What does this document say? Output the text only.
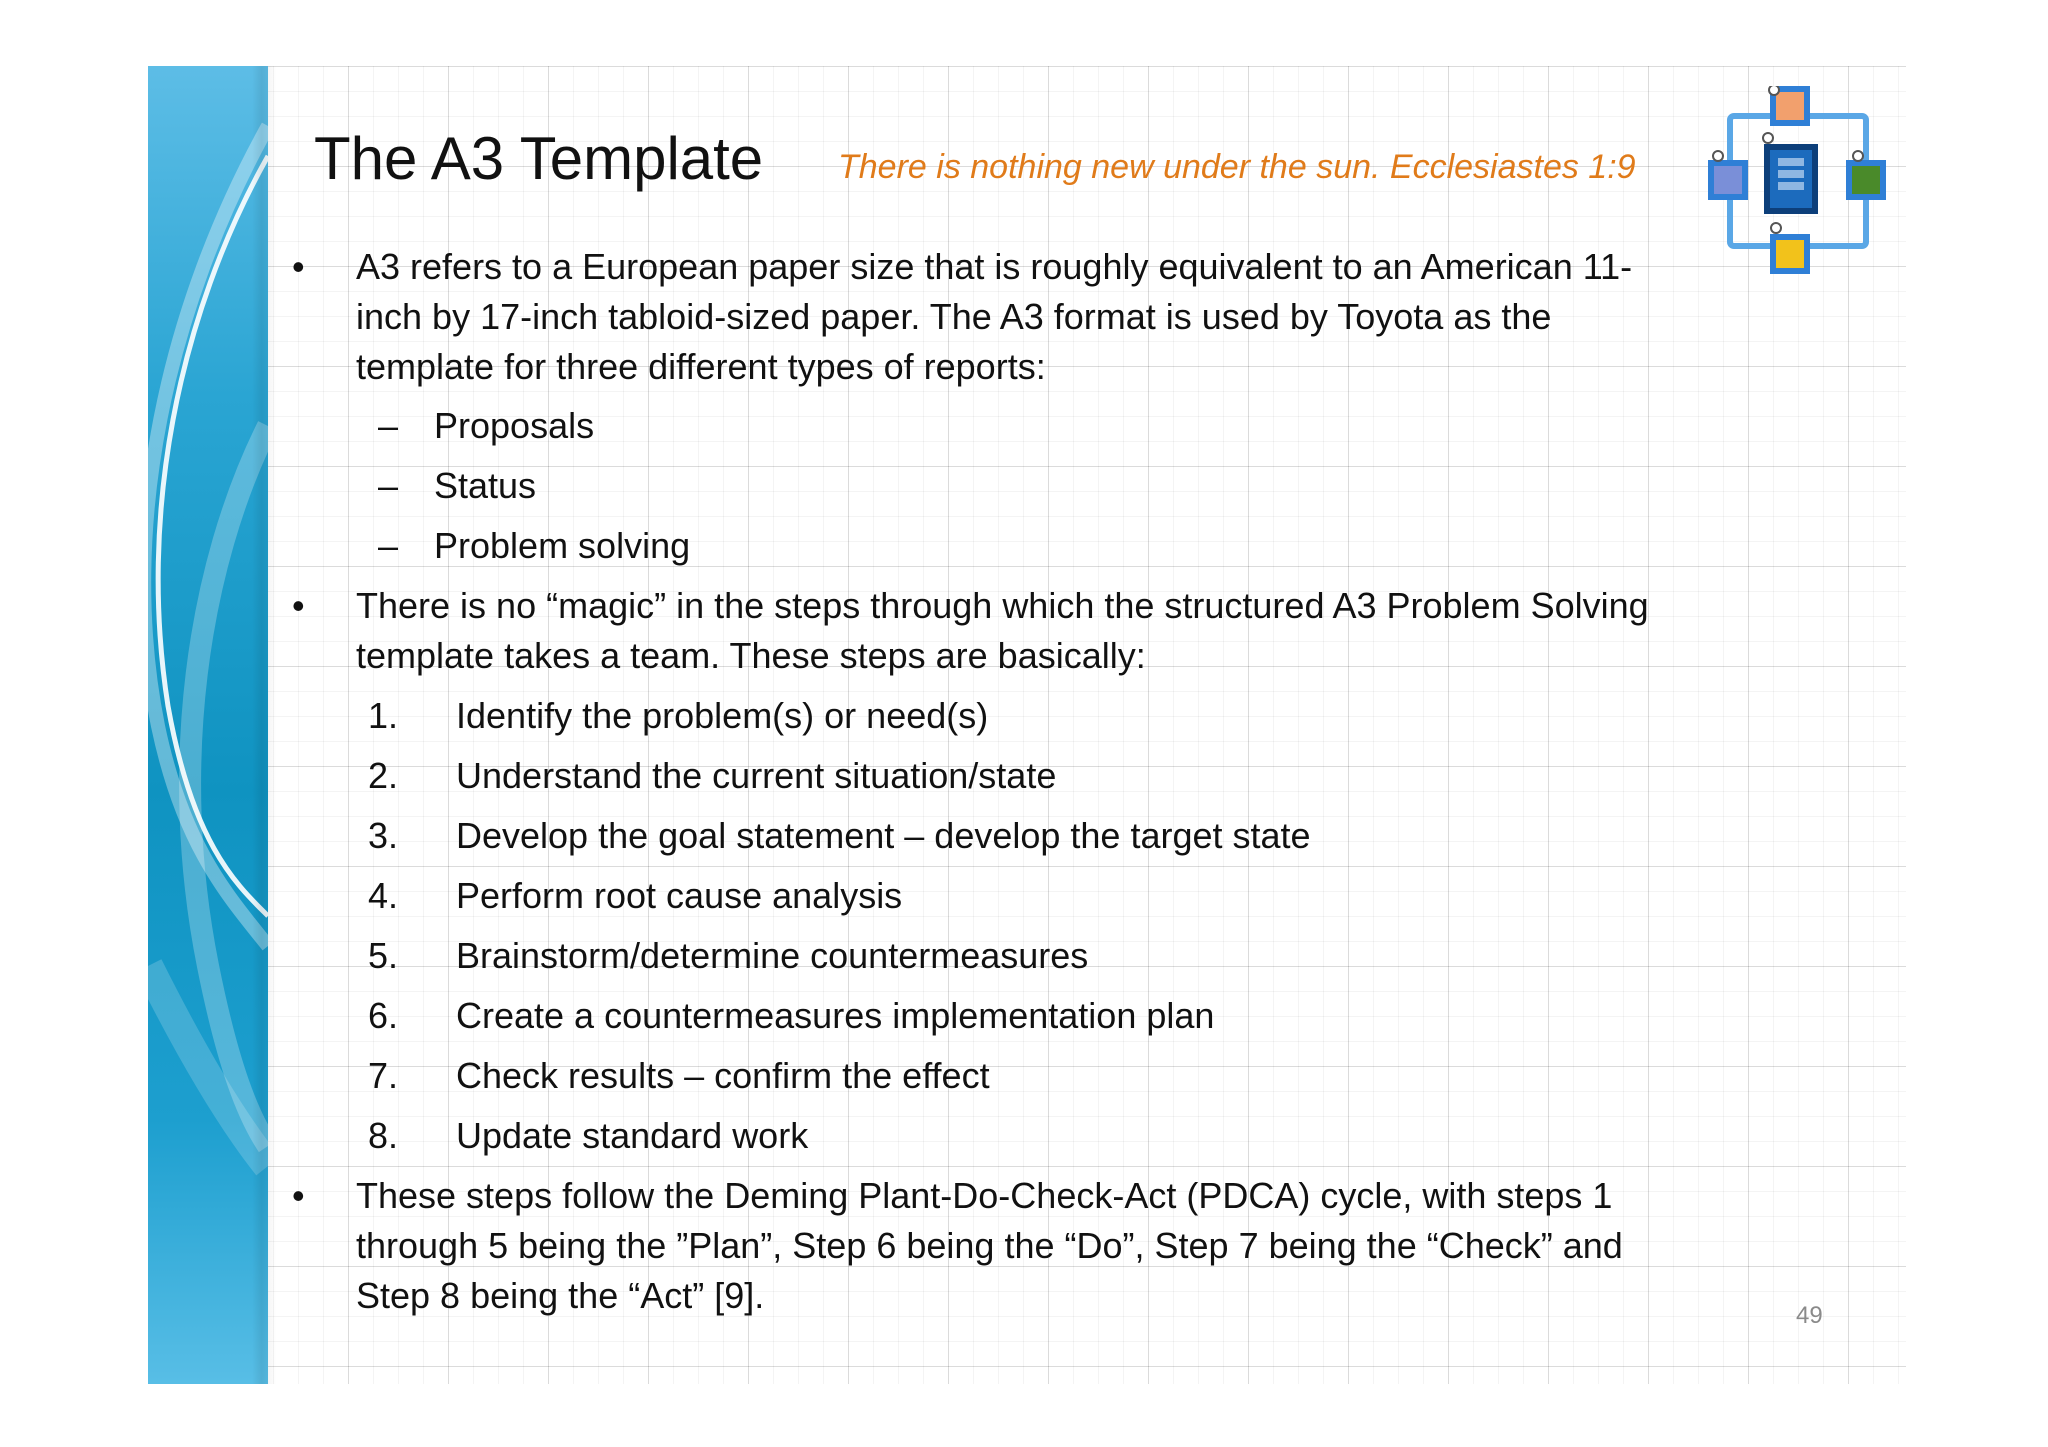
The A3 Template There is nothing new under the sun. Ecclesiastes 1:9
• A3 refers to a European paper size that is roughly equivalent to an American 11-
inch by 17-inch tabloid-sized paper. The A3 format is used by Toyota as the
template for three different types of reports:
– Proposals
– Status
– Problem solving
• There is no “magic” in the steps through which the structured A3 Problem Solving
template takes a team. These steps are basically:
1. Identify the problem(s) or need(s)
2. Understand the current situation/state
3. Develop the goal statement – develop the target state
4. Perform root cause analysis
5. Brainstorm/determine countermeasures
6. Create a countermeasures implementation plan
7. Check results – confirm the effect
8. Update standard work
• These steps follow the Deming Plant-Do-Check-Act (PDCA) cycle, with steps 1
through 5 being the ”Plan”, Step 6 being the “Do”, Step 7 being the “Check” and
Step 8 being the “Act” [9].	49
